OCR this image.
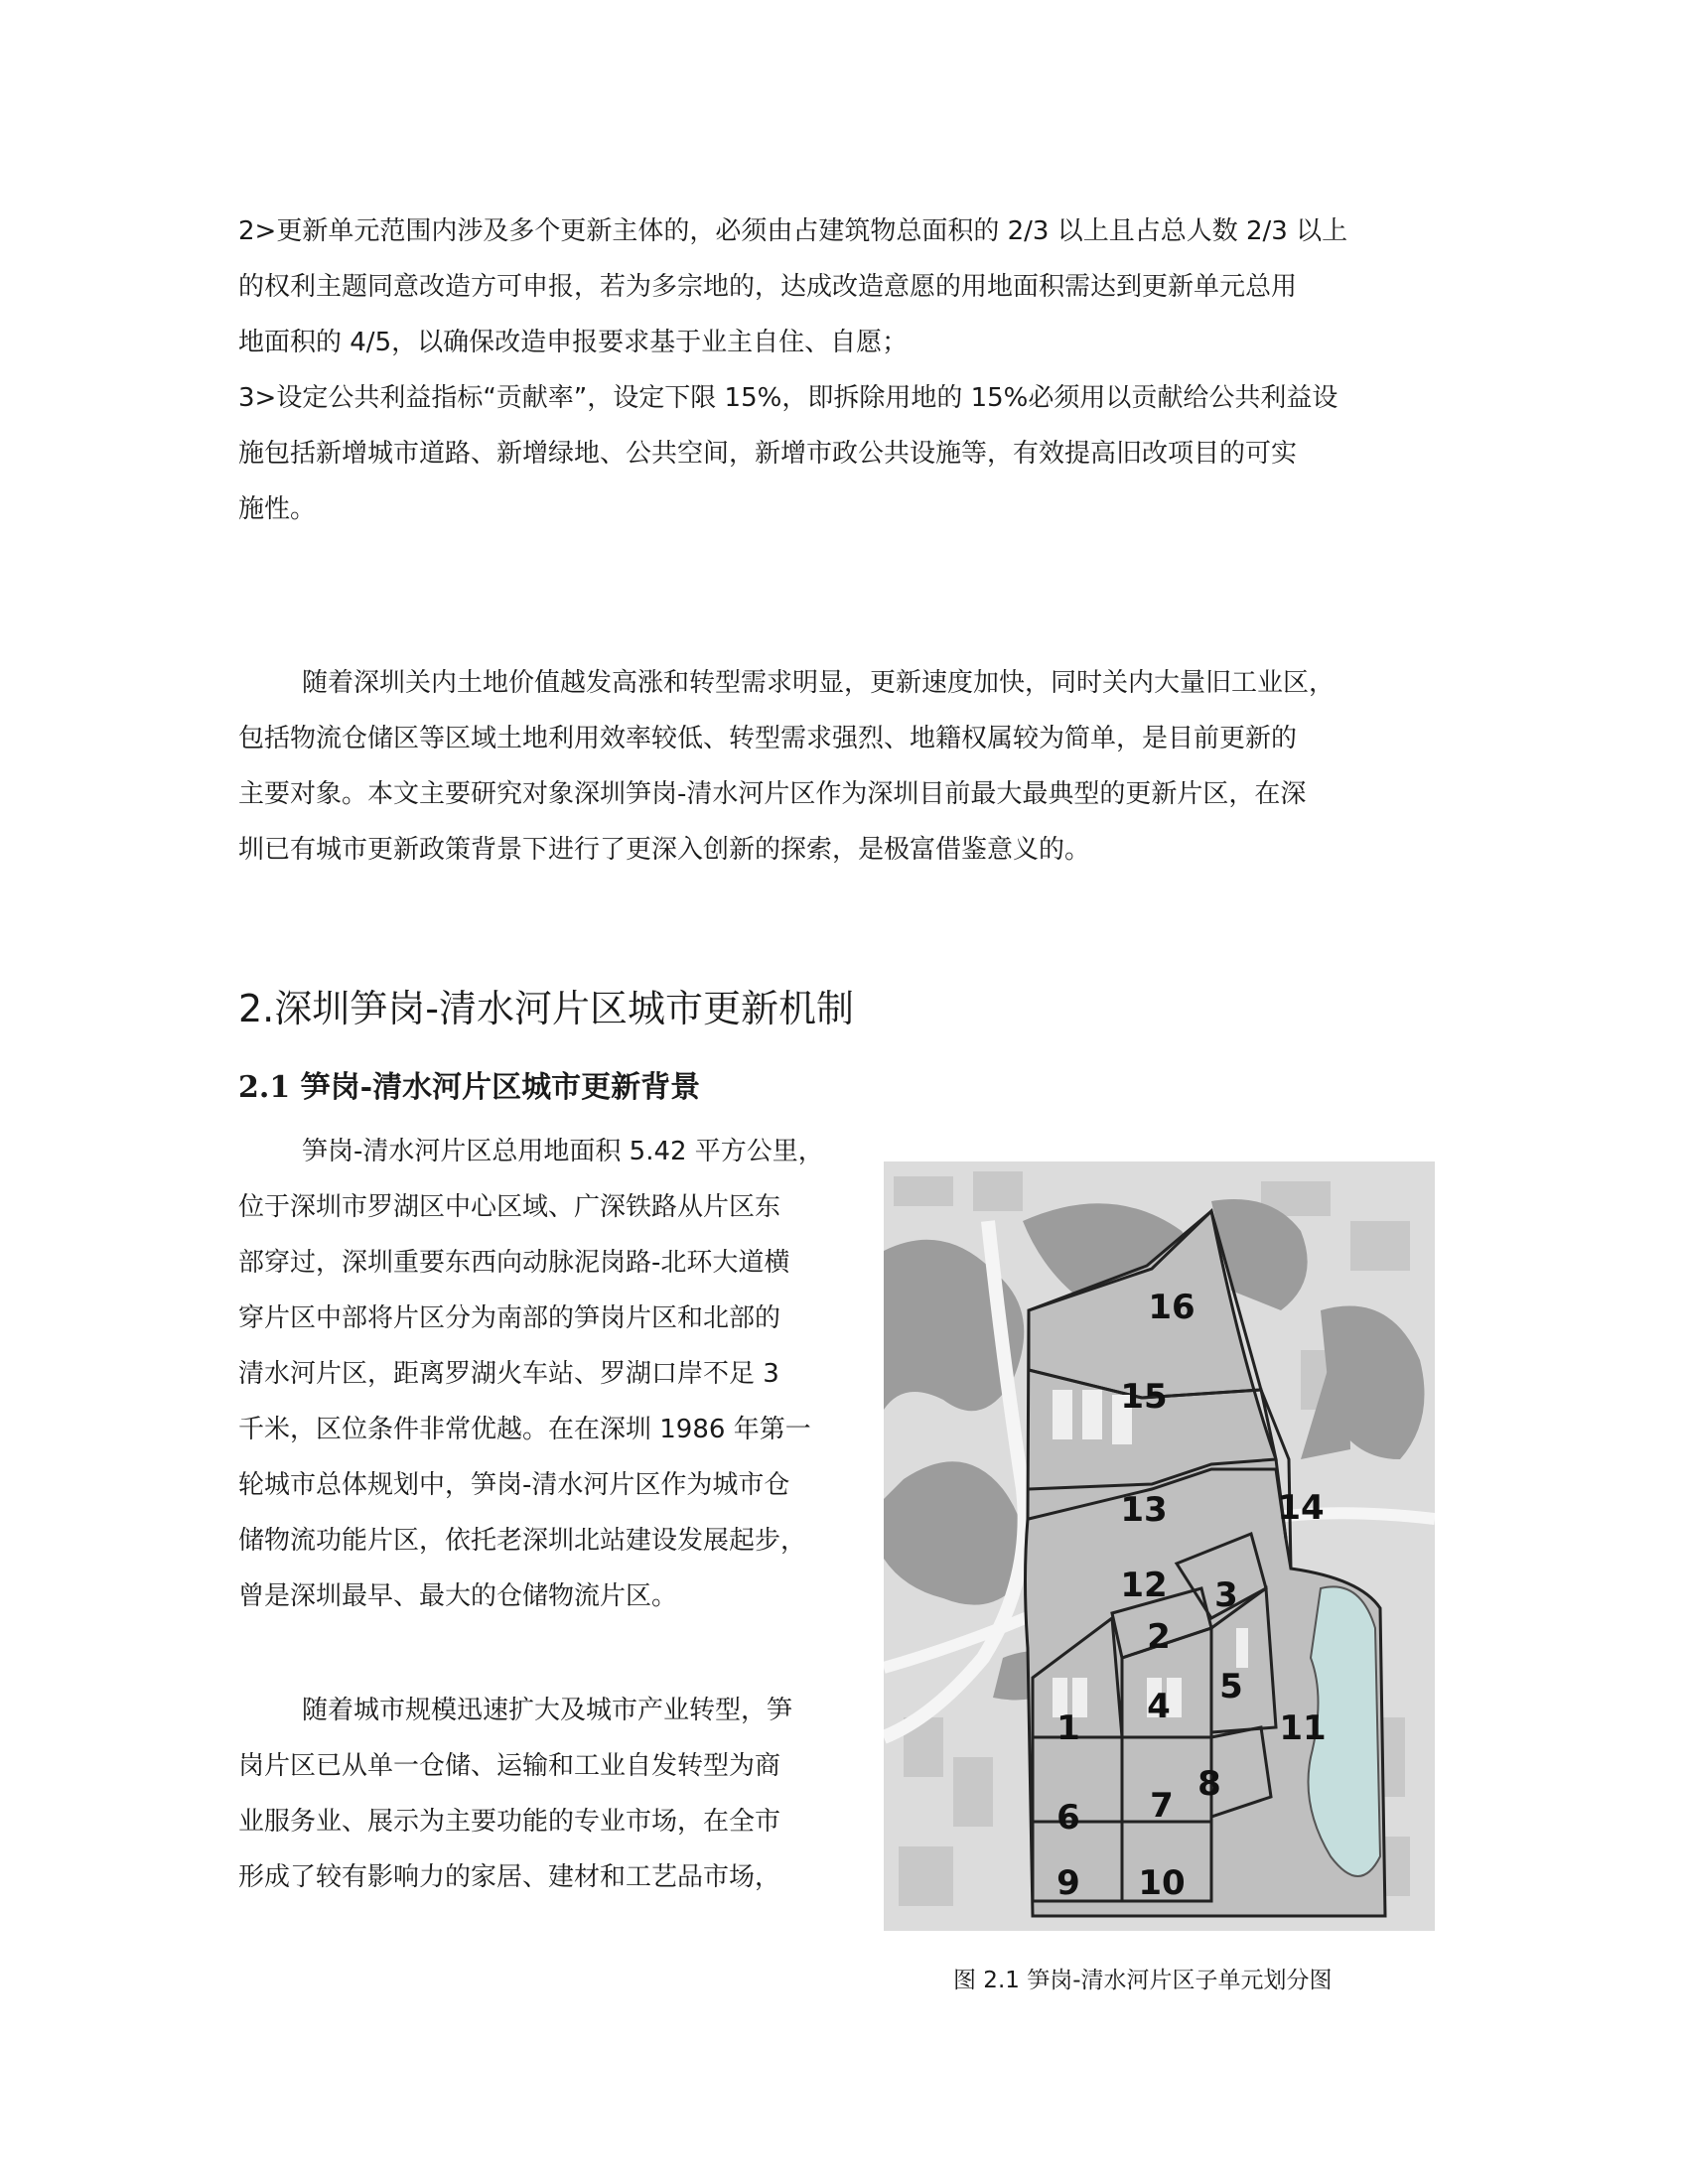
2>更新单元范围内涉及多个更新主体的，必须由占建筑物总面积的 2/3 以上且占总人数 2/3 以上
的权利主题同意改造方可申报，若为多宗地的，达成改造意愿的用地面积需达到更新单元总用
地面积的 4/5，以确保改造申报要求基于业主自住、自愿；
3>设定公共利益指标“贡献率”，设定下限 15%，即拆除用地的 15%必须用以贡献给公共利益设
施包括新增城市道路、新增绿地、公共空间，新增市政公共设施等，有效提高旧改项目的可实
施性。
随着深圳关内土地价值越发高涨和转型需求明显，更新速度加快，同时关内大量旧工业区，
包括物流仓储区等区域土地利用效率较低、转型需求强烈、地籍权属较为简单，是目前更新的
主要对象。本文主要研究对象深圳笋岗-清水河片区作为深圳目前最大最典型的更新片区，在深
圳已有城市更新政策背景下进行了更深入创新的探索，是极富借鉴意义的。
2.深圳笋岗-清水河片区城市更新机制
2.1 笋岗-清水河片区城市更新背景
笋岗-清水河片区总用地面积 5.42 平方公里，
位于深圳市罗湖区中心区域、广深铁路从片区东
部穿过，深圳重要东西向动脉泥岗路-北环大道横
穿片区中部将片区分为南部的笋岗片区和北部的
清水河片区，距离罗湖火车站、罗湖口岸不足 3
千米，区位条件非常优越。在在深圳 1986 年第一
轮城市总体规划中，笋岗-清水河片区作为城市仓
储物流功能片区，依托老深圳北站建设发展起步，
曾是深圳最早、最大的仓储物流片区。
随着城市规模迅速扩大及城市产业转型，笋
岗片区已从单一仓储、运输和工业自发转型为商
业服务业、展示为主要功能的专业市场，在全市
形成了较有影响力的家居、建材和工艺品市场，
16
15
14
13
12 3
2
5
4
1	11
8
7
6
9 10
图 2.1 笋岗-清水河片区子单元划分图
